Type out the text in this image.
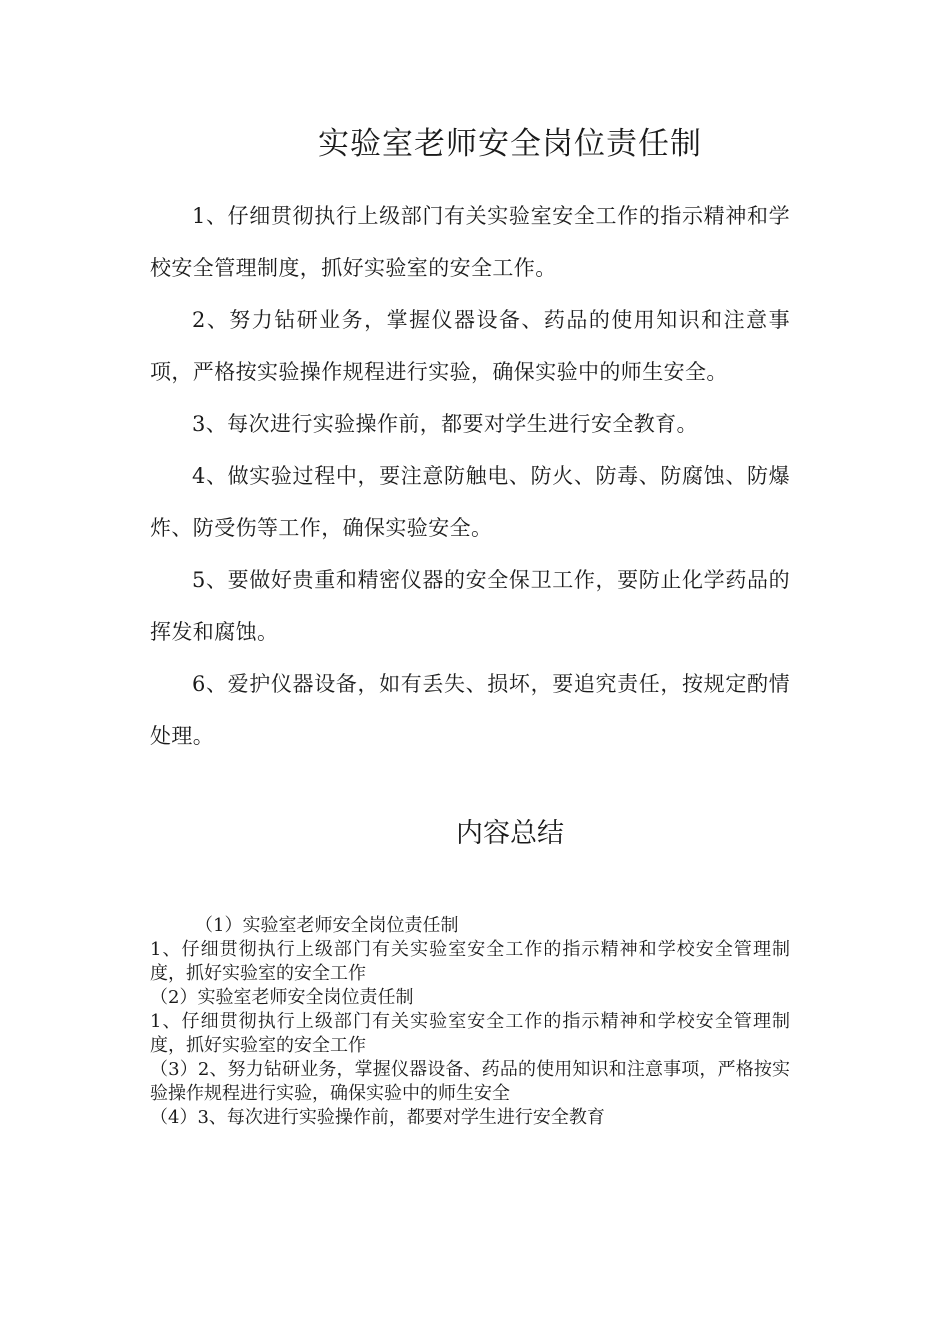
实验室老师安全岗位责任制

1、仔细贯彻执行上级部门有关实验室安全工作的指示精神和学校安全管理制度，抓好实验室的安全工作。

2、努力钻研业务，掌握仪器设备、药品的使用知识和注意事项，严格按实验操作规程进行实验，确保实验中的师生安全。

3、每次进行实验操作前，都要对学生进行安全教育。

4、做实验过程中，要注意防触电、防火、防毒、防腐蚀、防爆炸、防受伤等工作，确保实验安全。

5、要做好贵重和精密仪器的安全保卫工作，要防止化学药品的挥发和腐蚀。

6、爱护仪器设备，如有丢失、损坏，要追究责任，按规定酌情处理。

内容总结

（1）实验室老师安全岗位责任制

1、仔细贯彻执行上级部门有关实验室安全工作的指示精神和学校安全管理制度，抓好实验室的安全工作

（2）实验室老师安全岗位责任制

1、仔细贯彻执行上级部门有关实验室安全工作的指示精神和学校安全管理制度，抓好实验室的安全工作

（3）2、努力钻研业务，掌握仪器设备、药品的使用知识和注意事项，严格按实验操作规程进行实验，确保实验中的师生安全

（4）3、每次进行实验操作前，都要对学生进行安全教育
